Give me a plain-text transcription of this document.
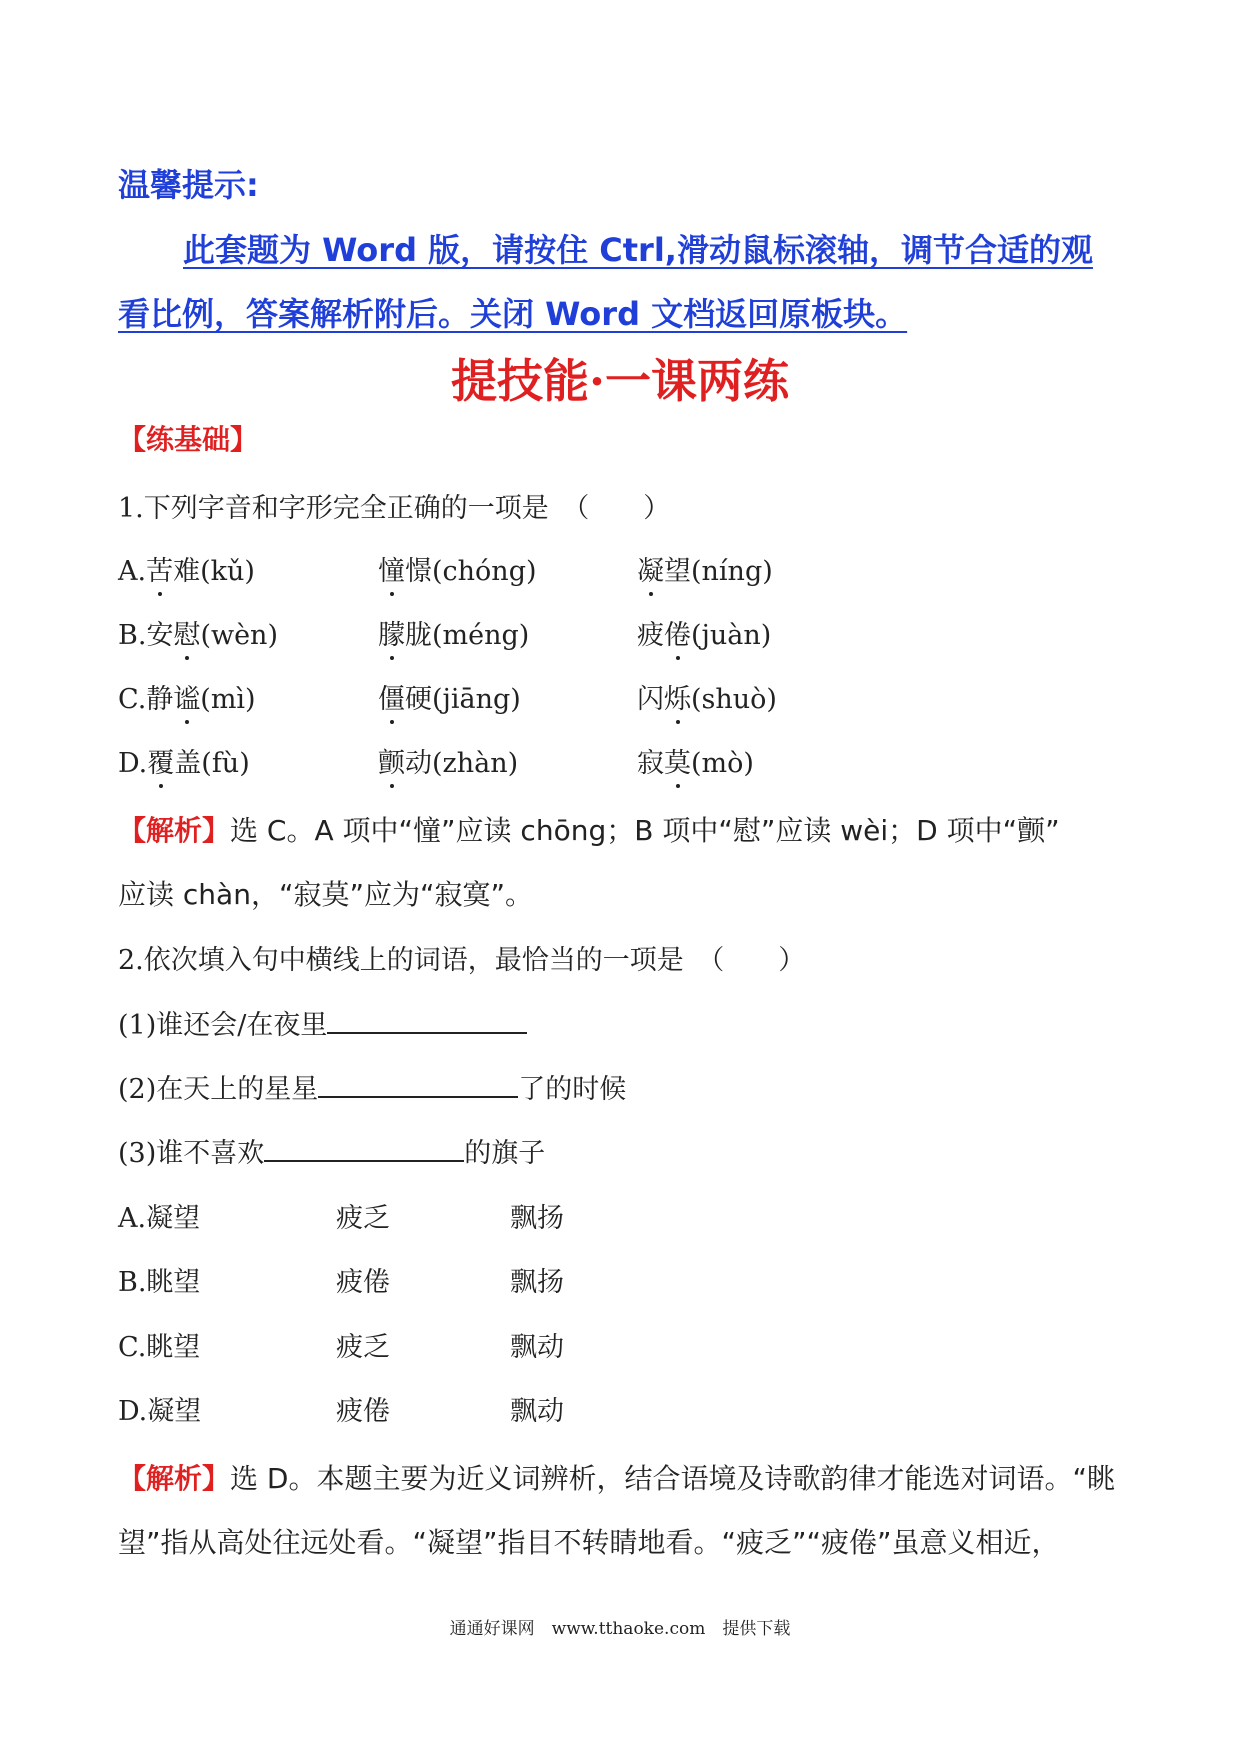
温馨提示:
此套题为 Word 版，请按住 Ctrl,滑动鼠标滚轴，调节合适的观
看比例，答案解析附后。关闭 Word 文档返回原板块。
提技能·一课两练
【练基础】
1.下列字音和字形完全正确的一项是　（　　）
A.苦难(kǔ)	憧憬(chóng)	凝望(níng)
B.安慰(wèn)	朦胧(méng)	疲倦(juàn)
C.静谧(mì)	僵硬(jiāng)	闪烁(shuò)
D.覆盖(fù)	颤动(zhàn)	寂莫(mò)
【解析】选 C。A 项中“憧”应读 chōng；B 项中“慰”应读 wèi；D 项中“颤”
应读 chàn，“寂莫”应为“寂寞”。
2.依次填入句中横线上的词语，最恰当的一项是　（　　）
(1)谁还会/在夜里
(2)在天上的星星	了的时候
(3)谁不喜欢	的旗子
A.凝望	疲乏	飘扬
B.眺望	疲倦	飘扬
C.眺望	疲乏	飘动
D.凝望	疲倦	飘动
【解析】选 D。本题主要为近义词辨析，结合语境及诗歌韵律才能选对词语。“眺
望”指从高处往远处看。“凝望”指目不转睛地看。“疲乏”“疲倦”虽意义相近，
通通好课网　www.tthaoke.com　提供下载
